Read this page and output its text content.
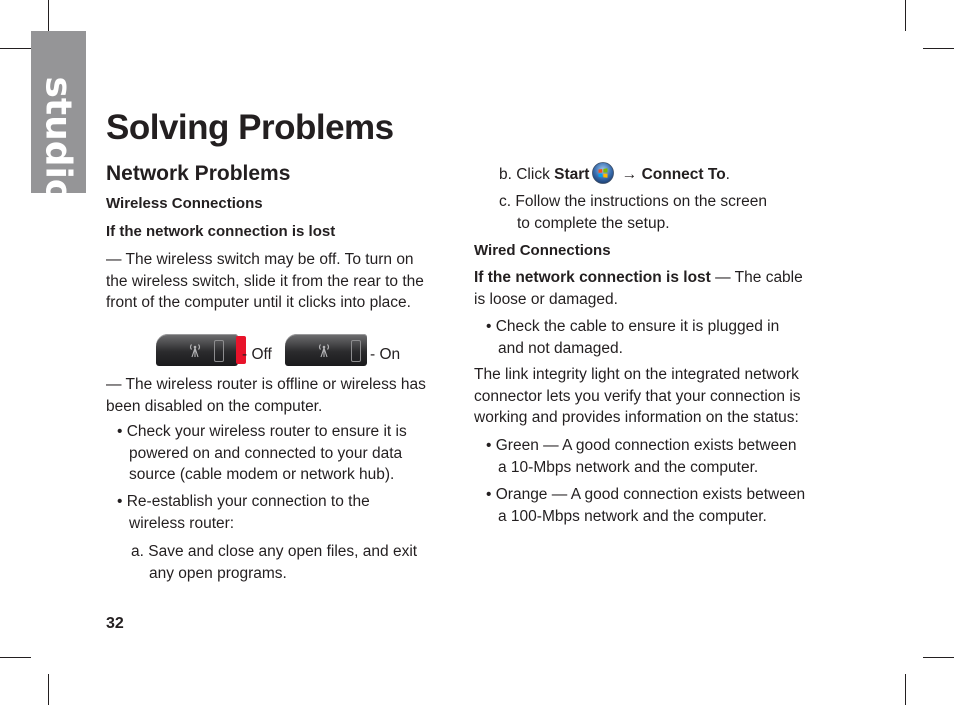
studio Solving Problems
Network Problems
Wireless Connections
If the network connection is lost
— The wireless switch may be off. To turn on
the wireless switch, slide it from the rear to the
front of the computer until it clicks into place.
- Off	- On
— The wireless router is offline or wireless has
been disabled on the computer.
• Check your wireless router to ensure it is
powered on and connected to your data
source (cable modem or network hub).
• Re-establish your connection to the
wireless router:
a. Save and close any open files, and exit
any open programs.
b. Click Start → Connect To.
c. Follow the instructions on the screen
to complete the setup.
Wired Connections
If the network connection is lost — The cable
is loose or damaged.
• Check the cable to ensure it is plugged in
and not damaged.
The link integrity light on the integrated network
connector lets you verify that your connection is
working and provides information on the status:
• Green — A good connection exists between
a 10-Mbps network and the computer.
• Orange — A good connection exists between
a 100-Mbps network and the computer.
32
